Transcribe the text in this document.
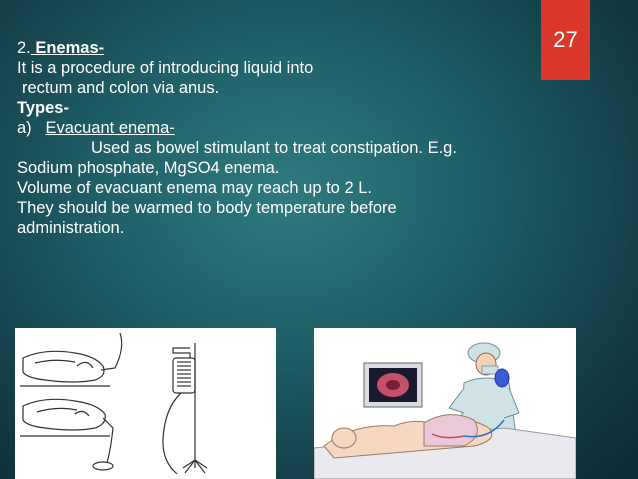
27
2. Enemas-
It is a procedure of introducing liquid into
rectum and colon via anus.
Types-
a) Evacuant enema-
Used as bowel stimulant to treat constipation. E.g.
Sodium phosphate, MgSO4 enema.
Volume of evacuant enema may reach up to 2 L.
They should be warmed to body temperature before
administration.
